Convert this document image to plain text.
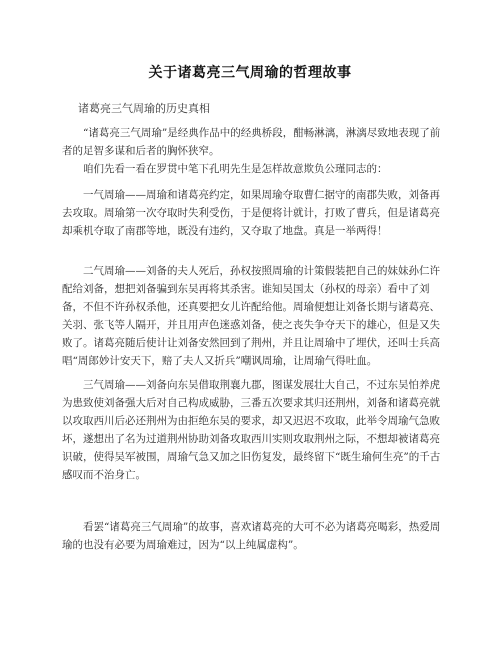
关于诸葛亮三气周瑜的哲理故事
诸葛亮三气周瑜的历史真相

“诸葛亮三气周瑜”是经典作品中的经典桥段，酣畅淋漓，淋漓尽致地表现了前者的足智多谋和后者的胸怀狭窄。

咱们先看一看在罗贯中笔下孔明先生是怎样故意欺负公瑾同志的：

一气周瑜——周瑜和诸葛亮约定，如果周瑜夺取曹仁据守的南郡失败，刘备再去攻取。周瑜第一次夺取时失利受伤，于是便将计就计，打败了曹兵，但是诸葛亮却乘机夺取了南郡等地，既没有违约，又夺取了地盘。真是一举两得！

二气周瑜——刘备的夫人死后，孙权按照周瑜的计策假装把自己的妹妹孙仁许配给刘备，想把刘备骗到东吴再将其杀害。谁知吴国太（孙权的母亲）看中了刘备，不但不许孙权杀他，还真要把女儿许配给他。周瑜便想让刘备长期与诸葛亮、关羽、张飞等人隔开，并且用声色迷惑刘备，使之丧失争夺天下的雄心，但是又失败了。诸葛亮随后使计让刘备安然回到了荆州，并且让周瑜中了埋伏，还叫士兵高唱“周郎妙计安天下，赔了夫人又折兵”嘲讽周瑜，让周瑜气得吐血。

三气周瑜——刘备向东吴借取荆襄九郡，图谋发展壮大自己，不过东吴怕养虎为患致使刘备强大后对自己构成威胁，三番五次要求其归还荆州，刘备和诸葛亮就以攻取西川后必还荆州为由拒绝东吴的要求，却又迟迟不攻取，此举令周瑜气急败坏，遂想出了名为过道荆州协助刘备攻取西川实则攻取荆州之际，不想却被诸葛亮识破，使得吴军被围，周瑜气急又加之旧伤复发，最终留下“既生瑜何生亮”的千古感叹而不治身亡。

看罢“诸葛亮三气周瑜”的故事，喜欢诸葛亮的大可不必为诸葛亮喝彩，热爱周瑜的也没有必要为周瑜难过，因为“以上纯属虚构”。
